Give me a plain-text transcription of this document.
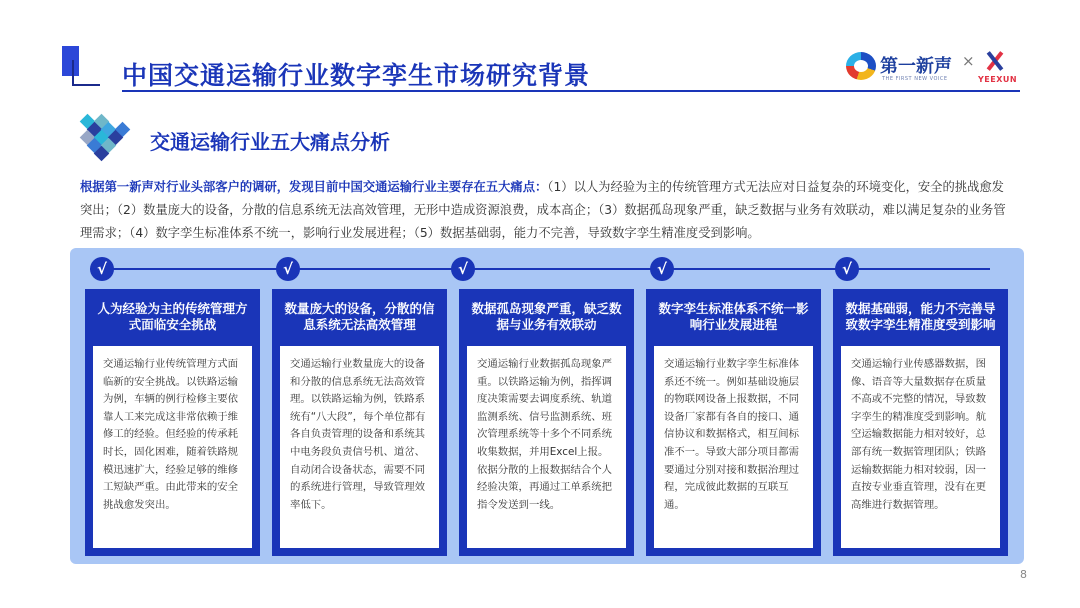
中国交通运输行业数字孪生市场研究背景	第一新声
THE FIRST NEW VOICE
×
YEEXUN
交通运输行业五大痛点分析
根据第一新声对行业头部客户的调研，发现目前中国交通运输行业主要存在五大痛点：（1）以人为经验为主的传统管理方式无法应对日益复杂的环境变化，安全的挑战愈发突出；（2）数量庞大的设备，分散的信息系统无法高效管理，无形中造成资源浪费，成本高企；（3）数据孤岛现象严重，缺乏数据与业务有效联动，难以满足复杂的业务管理需求；（4）数字孪生标准体系不统一，影响行业发展进程；（5）数据基础弱，能力不完善，导致数字孪生精准度受到影响。
√	√	√	√	√
人为经验为主的传统管理方式面临安全挑战
交通运输行业传统管理方式面临新的安全挑战。以铁路运输为例，车辆的例行检修主要依靠人工来完成这非常依赖于维修工的经验。但经验的传承耗时长，固化困难，随着铁路规模迅速扩大，经验足够的维修工短缺严重。由此带来的安全挑战愈发突出。
数量庞大的设备，分散的信息系统无法高效管理
交通运输行业数量庞大的设备和分散的信息系统无法高效管理。以铁路运输为例，铁路系统有“八大段”，每个单位都有各自负责管理的设备和系统其中电务段负责信号机、道岔、自动闭合设备状态，需要不同的系统进行管理，导致管理效率低下。
数据孤岛现象严重，缺乏数据与业务有效联动
交通运输行业数据孤岛现象严重。以铁路运输为例，指挥调度决策需要去调度系统、轨道监测系统、信号监测系统、班次管理系统等十多个不同系统收集数据，并用Excel上报。依据分散的上报数据结合个人经验决策，再通过工单系统把指令发送到一线。
数字孪生标准体系不统一影响行业发展进程
交通运输行业数字孪生标准体系还不统一。例如基础设施层的物联网设备上报数据，不同设备厂家都有各自的接口、通信协议和数据格式，相互间标准不一。导致大部分项目都需要通过分别对接和数据治理过程，完成彼此数据的互联互通。
数据基础弱，能力不完善导致数字孪生精准度受到影响
交通运输行业传感器数据，图像、语音等大量数据存在质量不高或不完整的情况，导致数字孪生的精准度受到影响。航空运输数据能力相对较好，总部有统一数据管理团队；铁路运输数据能力相对较弱，因一直按专业垂直管理，没有在更高维进行数据管理。
8
